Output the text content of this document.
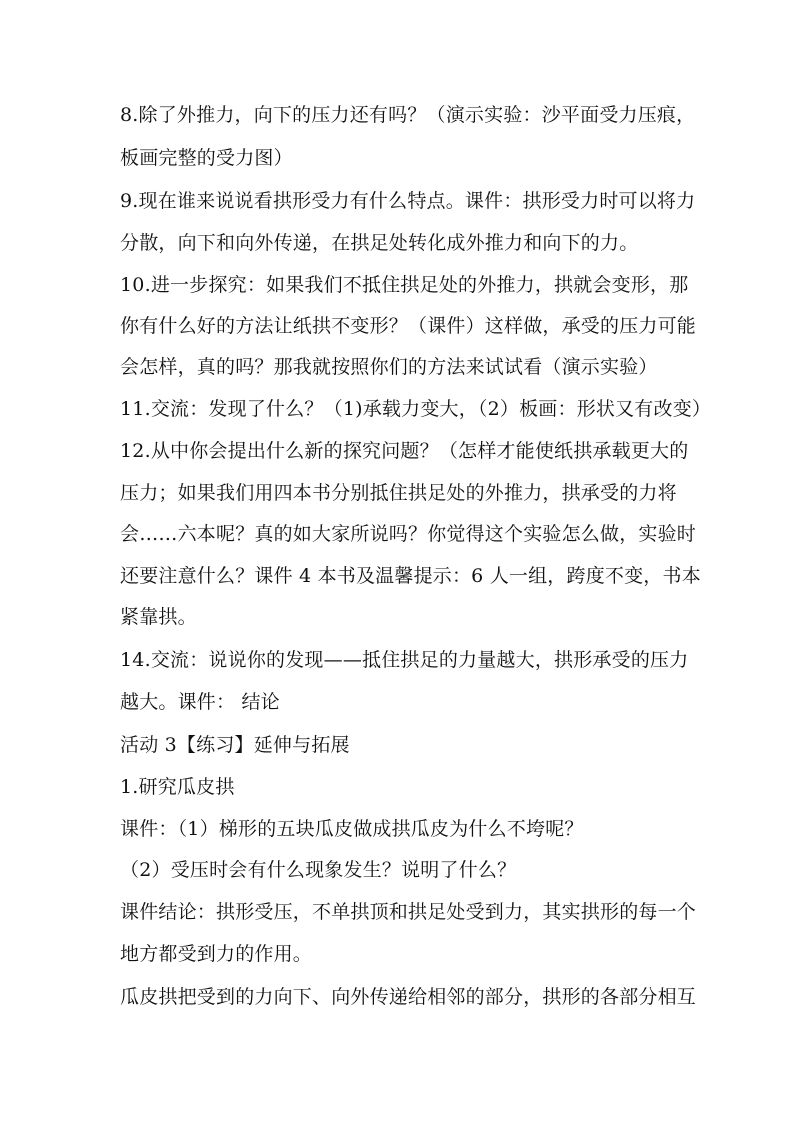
8.除了外推力，向下的压力还有吗？（演示实验：沙平面受力压痕，
板画完整的受力图）
9.现在谁来说说看拱形受力有什么特点。课件：拱形受力时可以将力
分散，向下和向外传递，在拱足处转化成外推力和向下的力。
10.进一步探究：如果我们不抵住拱足处的外推力，拱就会变形，那
你有什么好的方法让纸拱不变形？（课件）这样做，承受的压力可能
会怎样，真的吗？那我就按照你们的方法来试试看（演示实验）
11.交流：发现了什么？（1)承载力变大，（2）板画：形状又有改变）
12.从中你会提出什么新的探究问题？（怎样才能使纸拱承载更大的
压力；如果我们用四本书分别抵住拱足处的外推力，拱承受的力将
会……六本呢？真的如大家所说吗？你觉得这个实验怎么做，实验时
还要注意什么？课件 4 本书及温馨提示：6 人一组，跨度不变，书本
紧靠拱。
14.交流：说说你的发现——抵住拱足的力量越大，拱形承受的压力
越大。课件： 结论
活动 3【练习】延伸与拓展
1.研究瓜皮拱
课件：（1）梯形的五块瓜皮做成拱瓜皮为什么不垮呢？
（2）受压时会有什么现象发生？说明了什么？
课件结论：拱形受压，不单拱顶和拱足处受到力，其实拱形的每一个
地方都受到力的作用。
瓜皮拱把受到的力向下、向外传递给相邻的部分，拱形的各部分相互
